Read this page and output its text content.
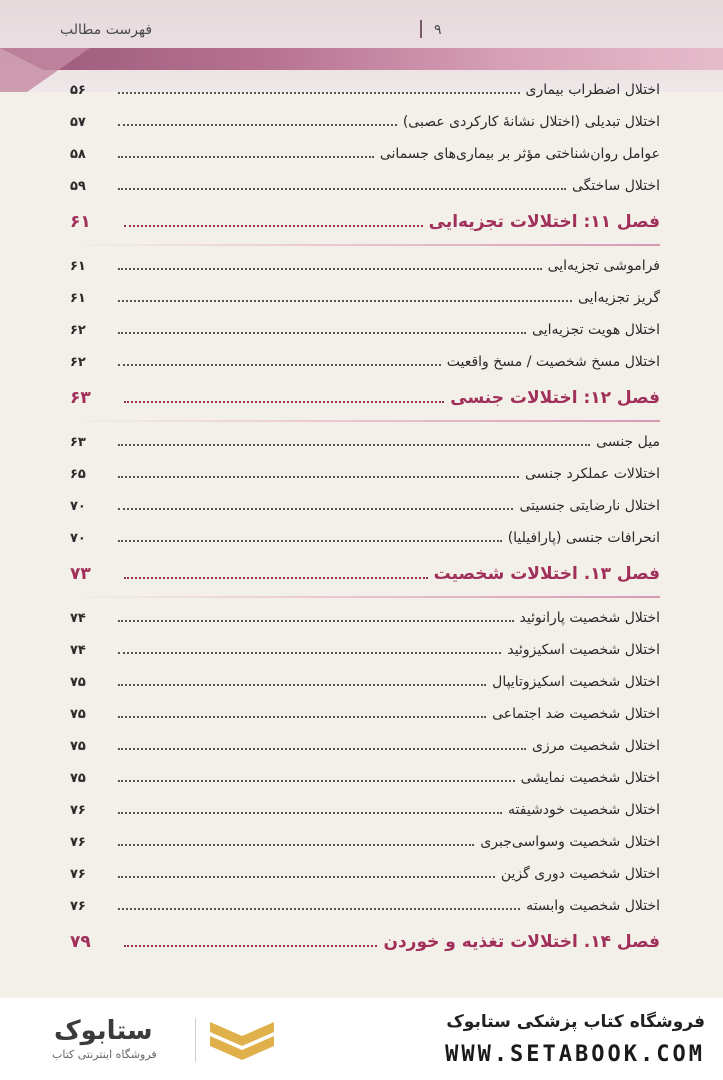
فهرست مطالب	۹
اختلال اضطراب بیماری
۵۶
اختلال تبدیلی (اختلال نشانهٔ کارکردی عصبی)
۵۷
عوامل روان‌شناختی مؤثر بر بیماری‌های جسمانی
۵۸
اختلال ساختگی
۵۹
فصل ۱۱: اختلالات تجزیه‌ایی
۶۱
فراموشی تجزیه‌ایی
۶۱
گریز تجزیه‌ایی
۶۱
اختلال هویت تجزیه‌ایی
۶۲
اختلال مسخ شخصیت / مسخ واقعیت
۶۲
فصل ۱۲: اختلالات جنسی
۶۳
میل جنسی
۶۳
اختلالات عملکرد جنسی
۶۵
اختلال نارضایتی جنسیتی
۷۰
انحرافات جنسی (پارافیلیا)
۷۰
فصل ۱۳. اختلالات شخصیت
۷۳
اختلال شخصیت پارانوئید
۷۴
اختلال شخصیت اسکیزوئید
۷۴
اختلال شخصیت اسکیزوتایپال
۷۵
اختلال شخصیت ضد اجتماعی
۷۵
اختلال شخصیت مرزی
۷۵
اختلال شخصیت نمایشی
۷۵
اختلال شخصیت خودشیفته
۷۶
اختلال شخصیت وسواسی‌جبری
۷۶
اختلال شخصیت دوری گزین
۷۶
اختلال شخصیت وابسته
۷۶
فصل ۱۴. اختلالات تغذیه و خوردن
۷۹
ستابوک
فروشگاه اینترنتی کتاب
فروشگاه کتاب پزشکی ستابوک
WWW.SETABOOK.COM
